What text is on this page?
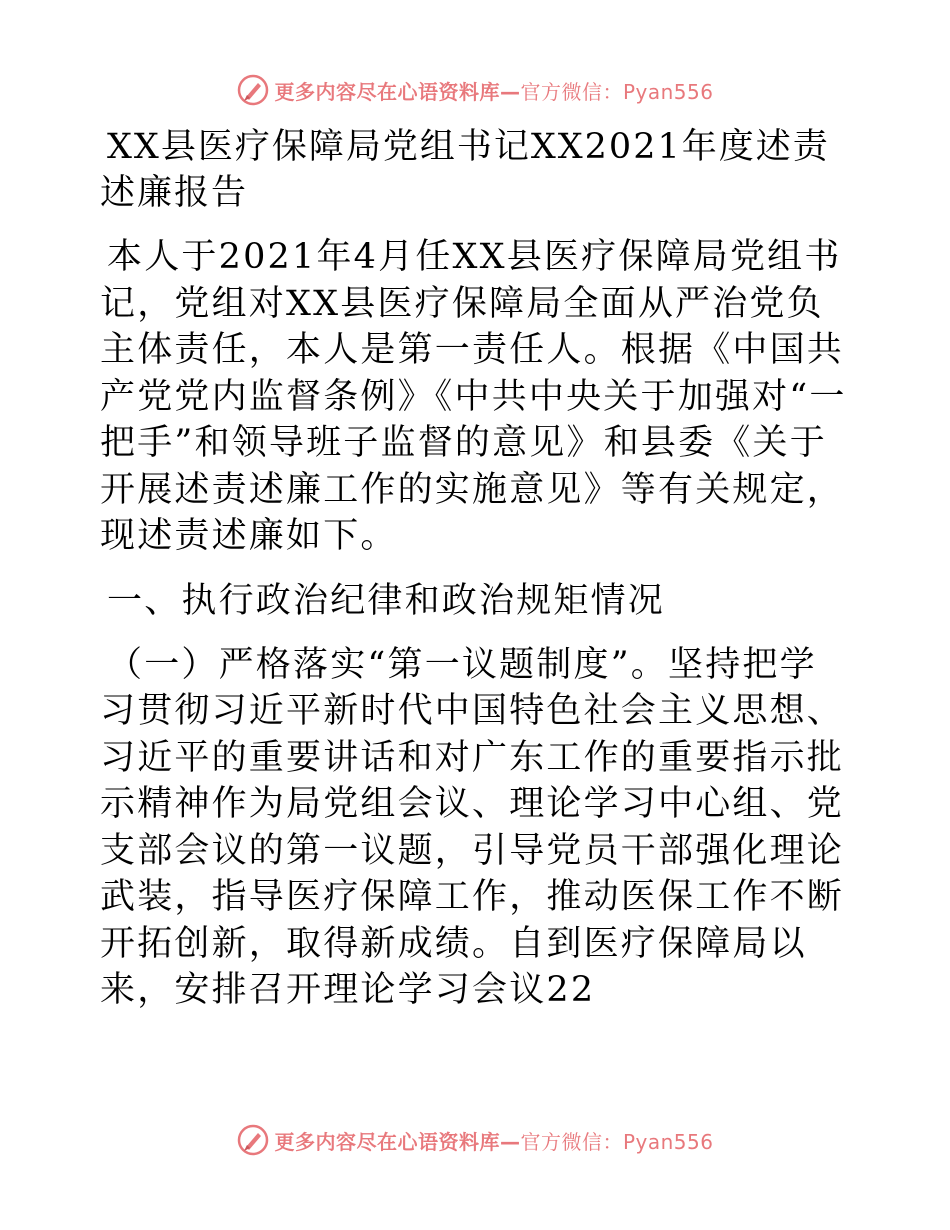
更多内容尽在心语资料库—官方微信：Pyan556
XX县医疗保障局党组书记XX2021年度述责述廉报告
本人于2021年4月任XX县医疗保障局党组书记，党组对XX县医疗保障局全面从严治党负主体责任，本人是第一责任人。根据《中国共产党党内监督条例》《中共中央关于加强对“一把手”和领导班子监督的意见》和县委《关于开展述责述廉工作的实施意见》等有关规定，现述责述廉如下。
一、执行政治纪律和政治规矩情况
（一）严格落实“第一议题制度”。坚持把学习贯彻习近平新时代中国特色社会主义思想、习近平的重要讲话和对广东工作的重要指示批示精神作为局党组会议、理论学习中心组、党支部会议的第一议题，引导党员干部强化理论武装，指导医疗保障工作，推动医保工作不断开拓创新，取得新成绩。自到医疗保障局以来，安排召开理论学习会议22
更多内容尽在心语资料库—官方微信：Pyan556
